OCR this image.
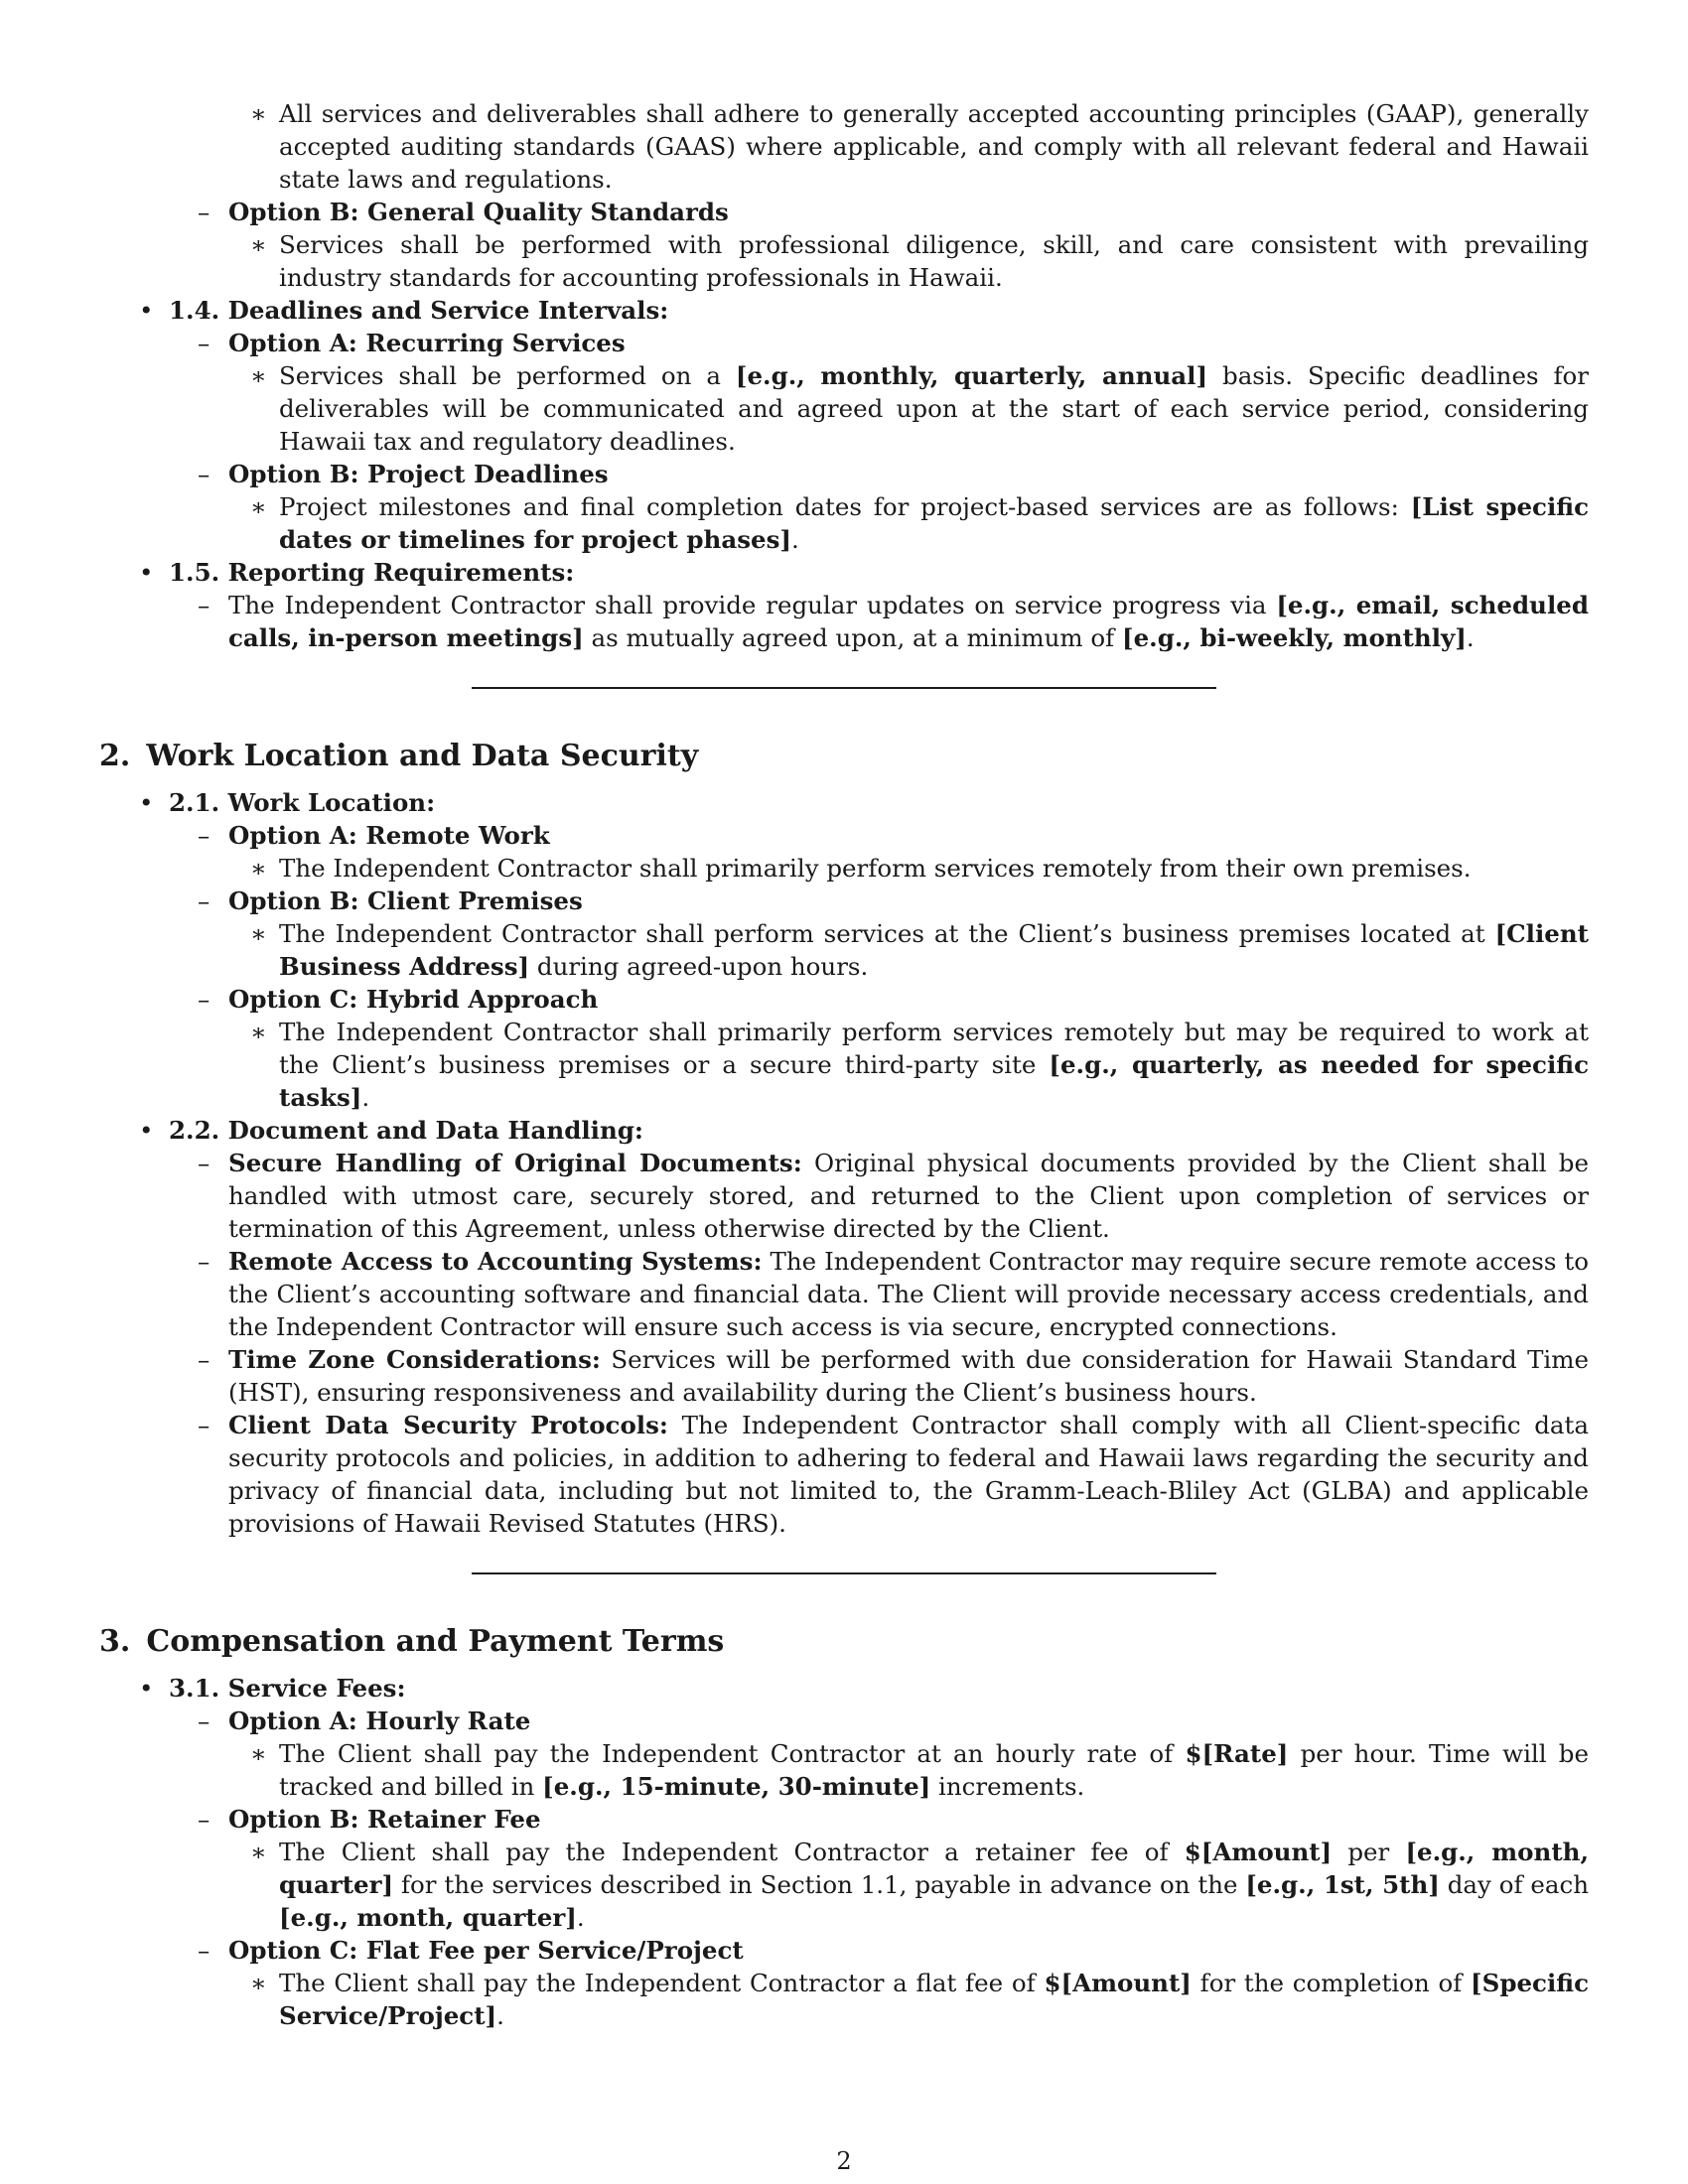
∗ All services and deliverables shall adhere to generally accepted accounting principles (GAAP), generally accepted auditing standards (GAAS) where applicable, and comply with all relevant federal and Hawaii state laws and regulations.
– Option B: General Quality Standards
∗ Services shall be performed with professional diligence, skill, and care consistent with prevailing industry standards for accounting professionals in Hawaii.
• 1.4. Deadlines and Service Intervals:
– Option A: Recurring Services
∗ Services shall be performed on a [e.g., monthly, quarterly, annual] basis. Specific deadlines for deliverables will be communicated and agreed upon at the start of each service period, considering Hawaii tax and regulatory deadlines.
– Option B: Project Deadlines
∗ Project milestones and final completion dates for project-based services are as follows: [List specific dates or timelines for project phases].
• 1.5. Reporting Requirements:
– The Independent Contractor shall provide regular updates on service progress via [e.g., email, scheduled calls, in-person meetings] as mutually agreed upon, at a minimum of [e.g., bi-weekly, monthly].
2. Work Location and Data Security
• 2.1. Work Location:
– Option A: Remote Work
∗ The Independent Contractor shall primarily perform services remotely from their own premises.
– Option B: Client Premises
∗ The Independent Contractor shall perform services at the Client’s business premises located at [Client Business Address] during agreed-upon hours.
– Option C: Hybrid Approach
∗ The Independent Contractor shall primarily perform services remotely but may be required to work at the Client’s business premises or a secure third-party site [e.g., quarterly, as needed for specific tasks].
• 2.2. Document and Data Handling:
– Secure Handling of Original Documents: Original physical documents provided by the Client shall be handled with utmost care, securely stored, and returned to the Client upon completion of services or termination of this Agreement, unless otherwise directed by the Client.
– Remote Access to Accounting Systems: The Independent Contractor may require secure remote access to the Client’s accounting software and financial data. The Client will provide necessary access credentials, and the Independent Contractor will ensure such access is via secure, encrypted connections.
– Time Zone Considerations: Services will be performed with due consideration for Hawaii Standard Time (HST), ensuring responsiveness and availability during the Client’s business hours.
– Client Data Security Protocols: The Independent Contractor shall comply with all Client-specific data security protocols and policies, in addition to adhering to federal and Hawaii laws regarding the security and privacy of financial data, including but not limited to, the Gramm-Leach-Bliley Act (GLBA) and applicable provisions of Hawaii Revised Statutes (HRS).
3. Compensation and Payment Terms
• 3.1. Service Fees:
– Option A: Hourly Rate
∗ The Client shall pay the Independent Contractor at an hourly rate of $[Rate] per hour. Time will be tracked and billed in [e.g., 15-minute, 30-minute] increments.
– Option B: Retainer Fee
∗ The Client shall pay the Independent Contractor a retainer fee of $[Amount] per [e.g., month, quarter] for the services described in Section 1.1, payable in advance on the [e.g., 1st, 5th] day of each [e.g., month, quarter].
– Option C: Flat Fee per Service/Project
∗ The Client shall pay the Independent Contractor a flat fee of $[Amount] for the completion of [Specific Service/Project].
2
